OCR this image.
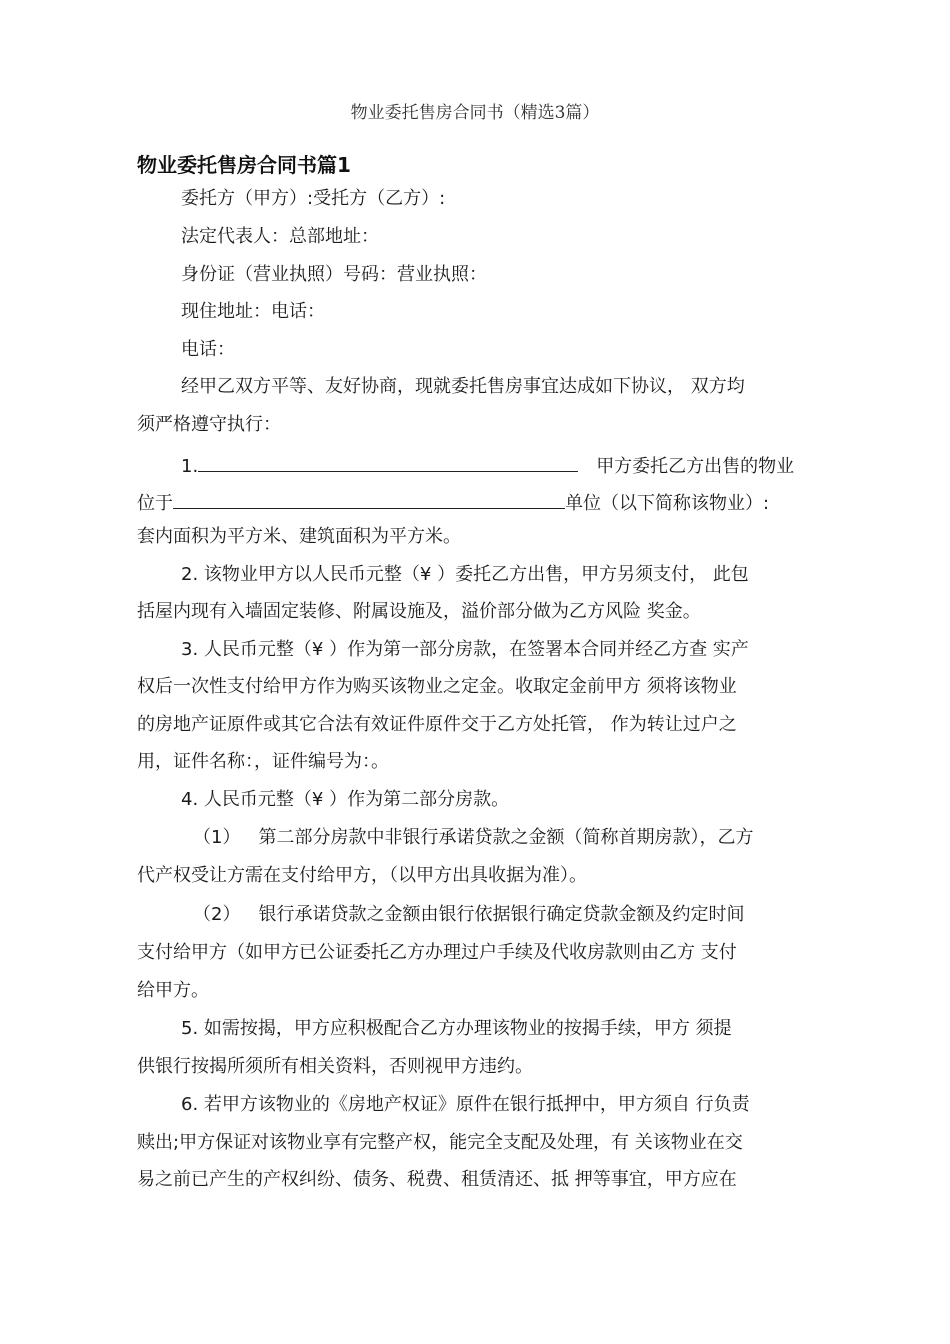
物业委托售房合同书（精选3篇）
物业委托售房合同书篇1
委托方（甲方）:受托方（乙方）:
法定代表人：总部地址：
身份证（营业执照）号码：营业执照：
现住地址：电话：
电话：
经甲乙双方平等、友好协商，现就委托售房事宜达成如下协议， 双方均
须严格遵守执行：
1.	甲方委托乙方出售的物业
位于	单位（以下简称该物业）:
套内面积为平方米、建筑面积为平方米。
2. 该物业甲方以人民币元整（¥ ）委托乙方出售，甲方另须支付， 此包
括屋内现有入墙固定装修、附属设施及，溢价部分做为乙方风险 奖金。
3. 人民币元整（¥ ）作为第一部分房款，在签署本合同并经乙方查 实产
权后一次性支付给甲方作为购买该物业之定金。收取定金前甲方 须将该物业
的房地产证原件或其它合法有效证件原件交于乙方处托管， 作为转让过户之
用，证件名称：，证件编号为：。
4. 人民币元整（¥ ）作为第二部分房款。
（1） 第二部分房款中非银行承诺贷款之金额（简称首期房款），乙方
代产权受让方需在支付给甲方，（以甲方出具收据为准）。
（2） 银行承诺贷款之金额由银行依据银行确定贷款金额及约定时间
支付给甲方（如甲方已公证委托乙方办理过户手续及代收房款则由乙方 支付
给甲方。
5. 如需按揭，甲方应积极配合乙方办理该物业的按揭手续，甲方 须提
供银行按揭所须所有相关资料，否则视甲方违约。
6. 若甲方该物业的《房地产权证》原件在银行抵押中，甲方须自 行负责
赎出;甲方保证对该物业享有完整产权，能完全支配及处理，有 关该物业在交
易之前已产生的产权纠纷、债务、税费、租赁清还、抵 押等事宜，甲方应在
